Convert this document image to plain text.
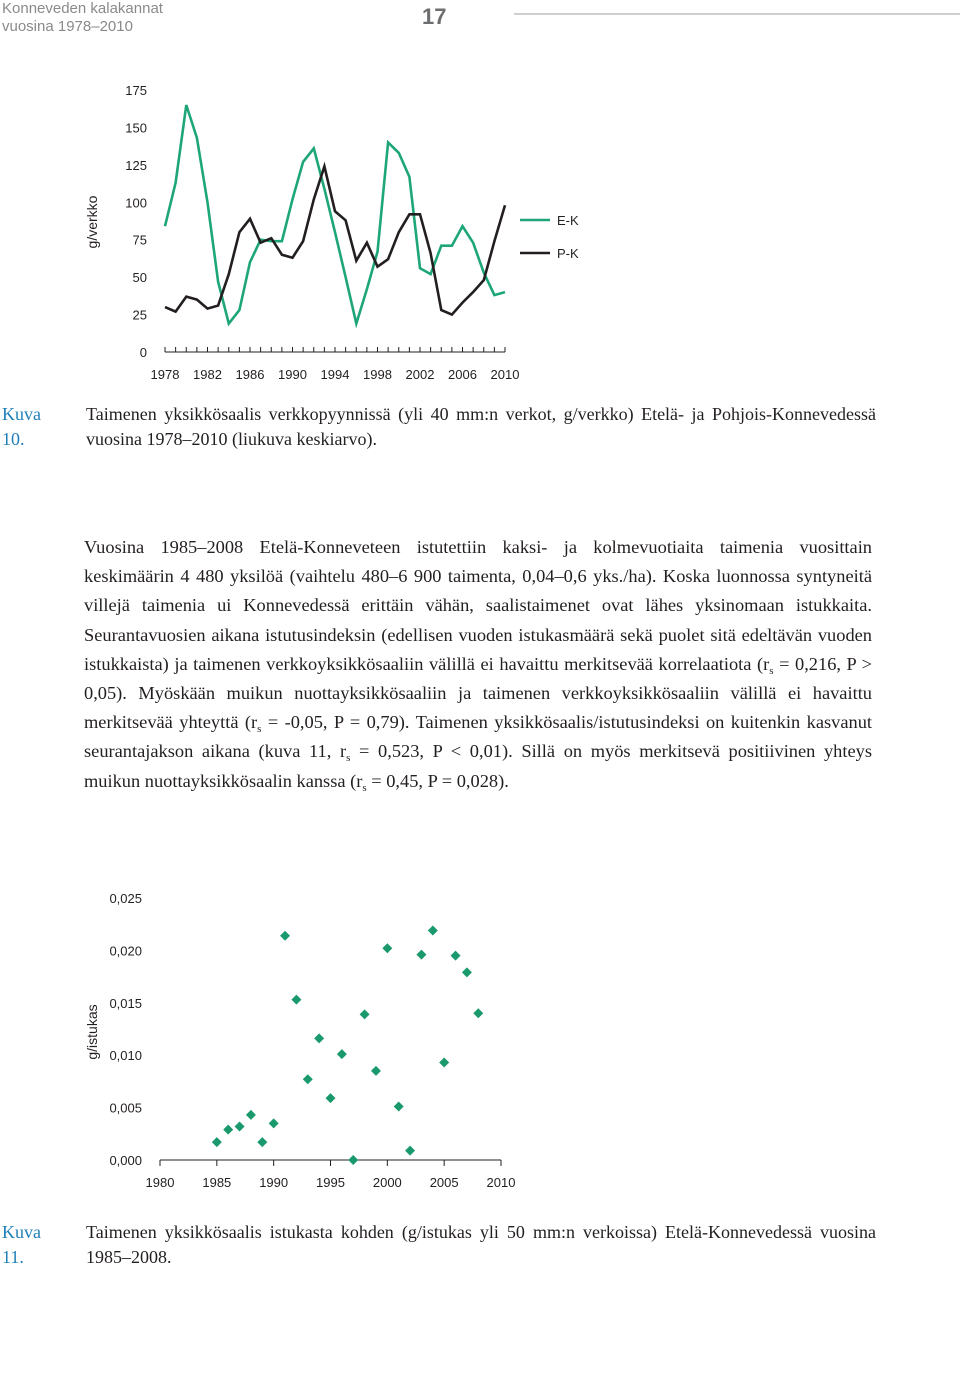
Konneveden kalakannat
vuosina 1978–2010	17
1978 1982 1986 1990 1994 1998 2002 2006 2010
0
25
50
75
100
125
150
175
g/verkko	E-K
P-K
Kuva 10.
Taimenen yksikkösaalis verkkopyynnissä (yli 40 mm:n verkot, g/verkko) Etelä- ja Pohjois-Konnevedessä vuosina 1978–2010 (liukuva keskiarvo).

Vuosina 1985–2008 Etelä-Konneveteen istutettiin kaksi- ja kolmevuotiaita taimenia vuosittain keskimäärin 4 480 yksilöä (vaihtelu 480–6 900 taimenta, 0,04–0,6 yks./ha). Koska luonnossa syntyneitä villejä taimenia ui Konnevedessä erittäin vähän, saalistaimenet ovat lähes yksinomaan istukkaita. Seurantavuosien aikana istutusindeksin (edellisen vuoden istukasmäärä sekä puolet sitä edeltävän vuoden istukkaista) ja taimenen verkkoyksikkösaaliin välillä ei havaittu merkitsevää korrelaatiota ($r_s = 0,216$, P > 0,05). Myöskään muikun nuottayksikkösaaliin ja taimenen verkkoyksikkösaaliin välillä ei havaittu merkitsevää yhteyttä ($r_s = -0,05$, P = 0,79). Taimenen yksikkösaalis/istutusindeksi on kuitenkin kasvanut seurantajakson aikana (kuva 11, $r_s = 0,523$, P < 0,01). Sillä on myös merkitsevä positiivinen yhteys muikun nuottayksikkösaalin kanssa ($r_s = 0,45$, P = 0,028).

1980 1985 1990 1995 2000 2005 2010
0,000
0,005
0,010
0,015
0,020
0,025
g/istukas
Kuva 11.
Taimenen yksikkösaalis istukasta kohden (g/istukas yli 50 mm:n verkoissa) Etelä-Konnevedessä vuosina 1985–2008.
